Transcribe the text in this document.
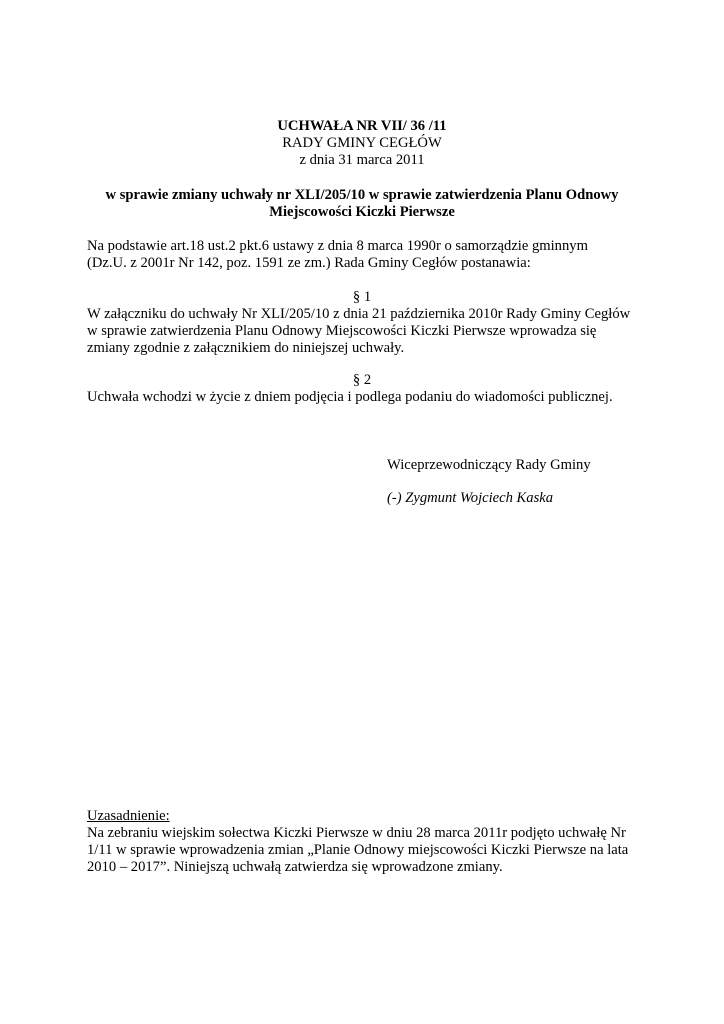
UCHWAŁA NR VII/ 36 /11
RADY GMINY CEGŁÓW
z dnia 31 marca 2011
w sprawie zmiany uchwały nr XLI/205/10 w sprawie zatwierdzenia Planu Odnowy
Miejscowości Kiczki Pierwsze
Na podstawie art.18 ust.2 pkt.6 ustawy z dnia 8 marca 1990r o samorządzie gminnym
(Dz.U. z 2001r Nr 142, poz. 1591 ze zm.) Rada Gminy Cegłów postanawia:
§ 1
W załączniku do uchwały Nr XLI/205/10 z dnia 21 października 2010r Rady Gminy Cegłów
w sprawie zatwierdzenia Planu Odnowy Miejscowości Kiczki Pierwsze wprowadza się
zmiany zgodnie z załącznikiem do niniejszej uchwały.
§ 2
Uchwała wchodzi w życie z dniem podjęcia i podlega podaniu do wiadomości publicznej.
Wiceprzewodniczący Rady Gminy
(-) Zygmunt Wojciech Kaska
Uzasadnienie:
Na zebraniu wiejskim sołectwa Kiczki Pierwsze w dniu 28 marca 2011r podjęto uchwałę Nr
1/11 w sprawie wprowadzenia zmian „Planie Odnowy miejscowości Kiczki Pierwsze na lata
2010 – 2017”. Niniejszą uchwałą zatwierdza się wprowadzone zmiany.
